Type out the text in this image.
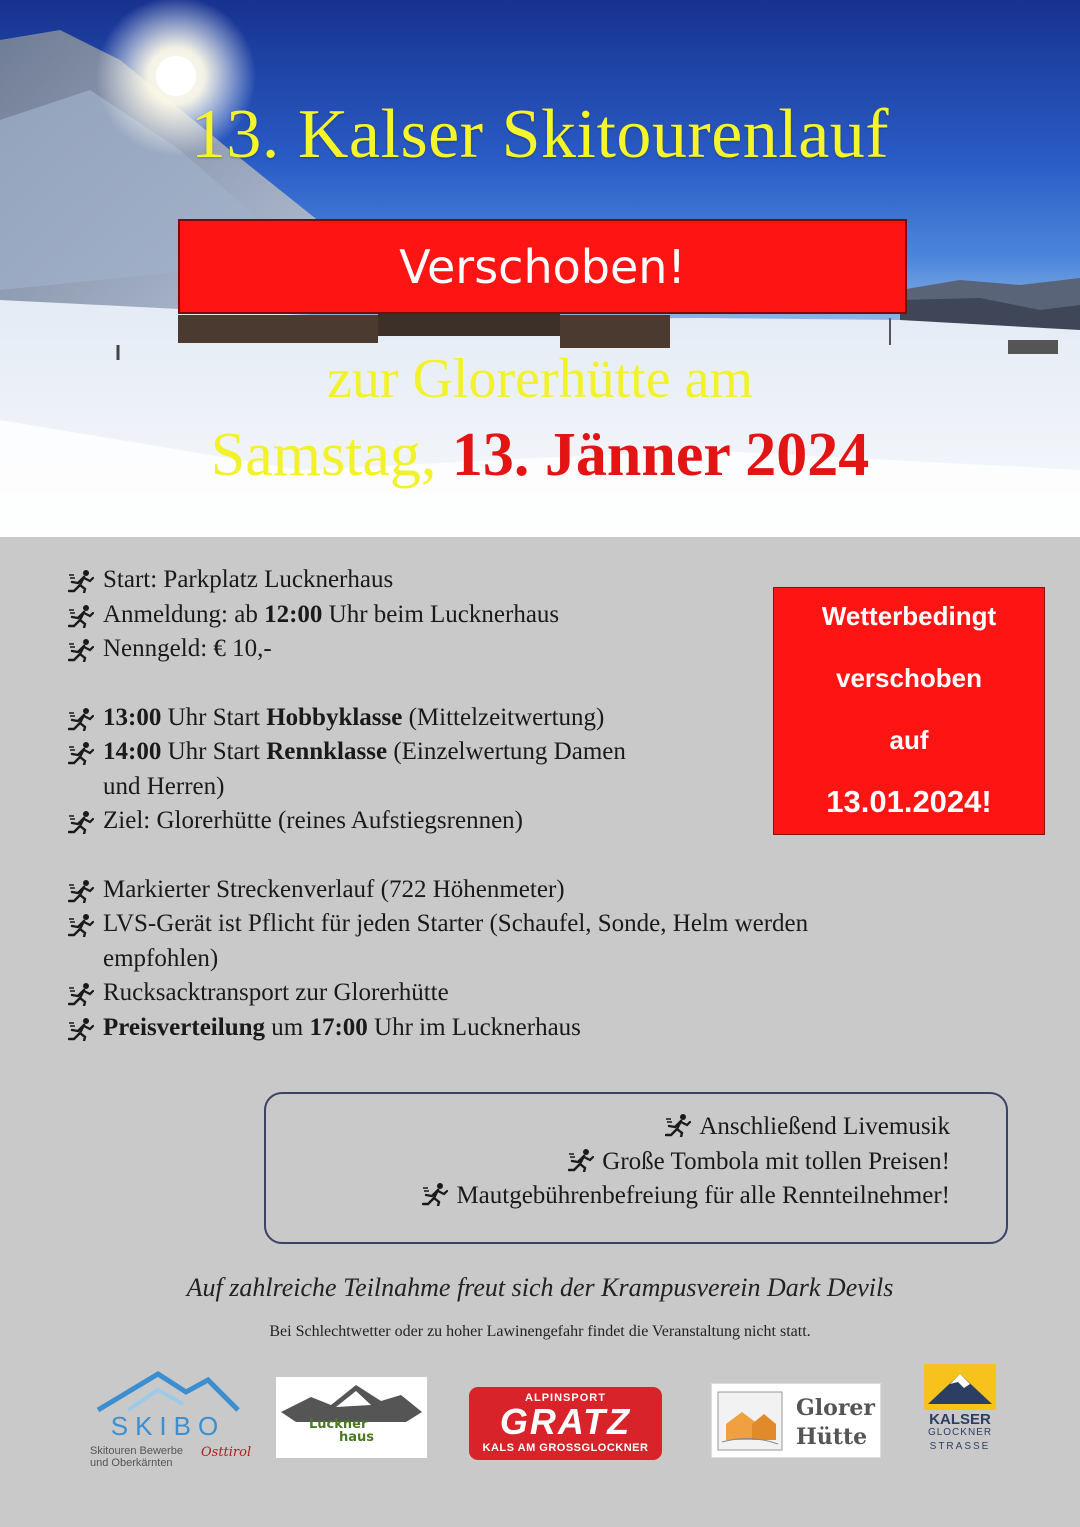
13. Kalser Skitourenlauf
Verschoben!
zur Glorerhütte am
Samstag, 13. Jänner 2024
Start: Parkplatz Lucknerhaus
Anmeldung: ab 12:00 Uhr beim Lucknerhaus
Nenngeld: € 10,-
13:00 Uhr Start Hobbyklasse (Mittelzeitwertung)
14:00 Uhr Start Rennklasse (Einzelwertung Damen
und Herren)
Ziel: Glorerhütte (reines Aufstiegsrennen)
Markierter Streckenverlauf (722 Höhenmeter)
LVS-Gerät ist Pflicht für jeden Starter (Schaufel, Sonde, Helm werden
empfohlen)
Rucksacktransport zur Glorerhütte
Preisverteilung um 17:00 Uhr im Lucknerhaus
Wetterbedingt
verschoben
auf
13.01.2024!
Anschließend Livemusik
Große Tombola mit tollen Preisen!
Mautgebührenbefreiung für alle Rennteilnehmer!
Auf zahlreiche Teilnahme freut sich der Krampusverein Dark Devils
Bei Schlechtwetter oder zu hoher Lawinengefahr findet die Veranstaltung nicht statt.
SKIBO
Skitouren Bewerbe
und Oberkärnten
Osttirol
Luckner
haus
ALPINSPORT
GRATZ
KALS AM GROSSGLOCKNER
Glorer
Hütte
KALSER
GLOCKNER
STRASSE
